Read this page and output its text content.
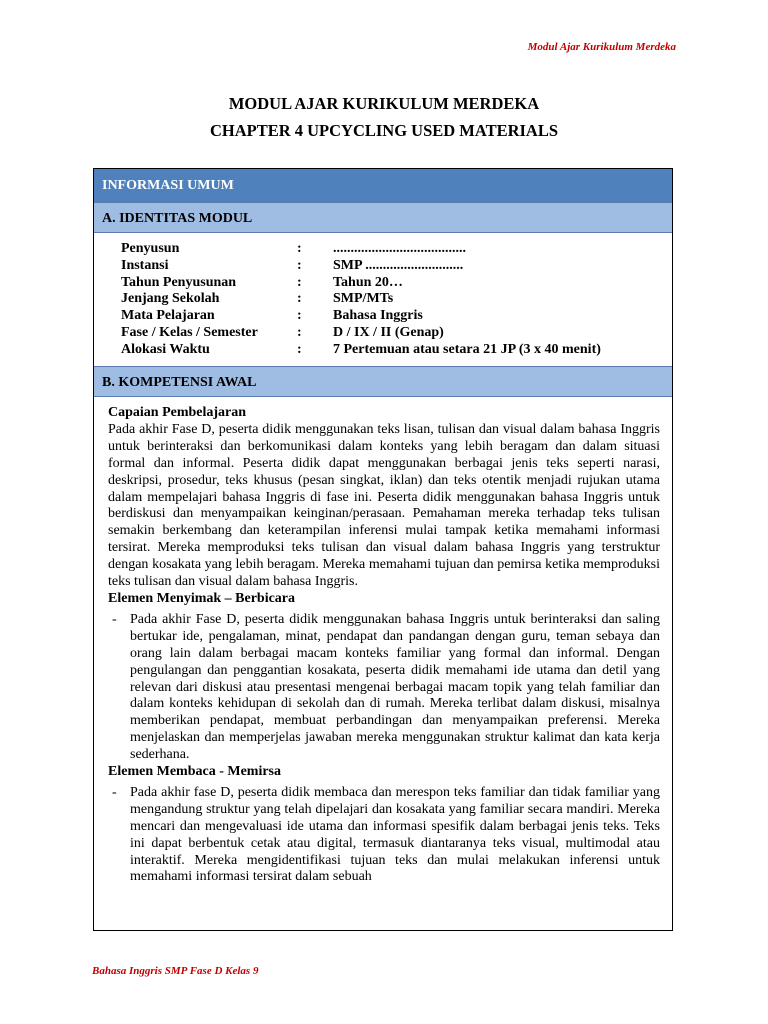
Modul Ajar Kurikulum Merdeka
MODUL AJAR KURIKULUM MERDEKA
CHAPTER 4 UPCYCLING USED MATERIALS
INFORMASI UMUM
A. IDENTITAS MODUL
Penyusun	: ......................................
Instansi	: SMP ............................
Tahun Penyusunan	: Tahun 20…
Jenjang Sekolah	: SMP/MTs
Mata Pelajaran	: Bahasa Inggris
Fase / Kelas / Semester	: D / IX / II (Genap)
Alokasi Waktu	: 7 Pertemuan atau setara 21 JP (3 x 40 menit)
B. KOMPETENSI AWAL

Capaian Pembelajaran

Pada akhir Fase D, peserta didik menggunakan teks lisan, tulisan dan visual dalam bahasa Inggris untuk berinteraksi dan berkomunikasi dalam konteks yang lebih beragam dan dalam situasi formal dan informal. Peserta didik dapat menggunakan berbagai jenis teks seperti narasi, deskripsi, prosedur, teks khusus (pesan singkat, iklan) dan teks otentik menjadi rujukan utama dalam mempelajari bahasa Inggris di fase ini. Peserta didik menggunakan bahasa Inggris untuk berdiskusi dan menyampaikan keinginan/perasaan. Pemahaman mereka terhadap teks tulisan semakin berkembang dan keterampilan inferensi mulai tampak ketika memahami informasi tersirat. Mereka memproduksi teks tulisan dan visual dalam bahasa Inggris yang terstruktur dengan kosakata yang lebih beragam. Mereka memahami tujuan dan pemirsa ketika memproduksi teks tulisan dan visual dalam bahasa Inggris.

Elemen Menyimak – Berbicara

- Pada akhir Fase D, peserta didik menggunakan bahasa Inggris untuk berinteraksi dan saling bertukar ide, pengalaman, minat, pendapat dan pandangan dengan guru, teman sebaya dan orang lain dalam berbagai macam konteks familiar yang formal dan informal. Dengan pengulangan dan penggantian kosakata, peserta didik memahami ide utama dan detil yang relevan dari diskusi atau presentasi mengenai berbagai macam topik yang telah familiar dan dalam konteks kehidupan di sekolah dan di rumah. Mereka terlibat dalam diskusi, misalnya memberikan pendapat, membuat perbandingan dan menyampaikan preferensi. Mereka menjelaskan dan memperjelas jawaban mereka menggunakan struktur kalimat dan kata kerja sederhana.

Elemen Membaca - Memirsa

- Pada akhir fase D, peserta didik membaca dan merespon teks familiar dan tidak familiar yang mengandung struktur yang telah dipelajari dan kosakata yang familiar secara mandiri. Mereka mencari dan mengevaluasi ide utama dan informasi spesifik dalam berbagai jenis teks. Teks ini dapat berbentuk cetak atau digital, termasuk diantaranya teks visual, multimodal atau interaktif. Mereka mengidentifikasi tujuan teks dan mulai melakukan inferensi untuk memahami informasi tersirat dalam sebuah
Bahasa Inggris SMP Fase D Kelas 9
